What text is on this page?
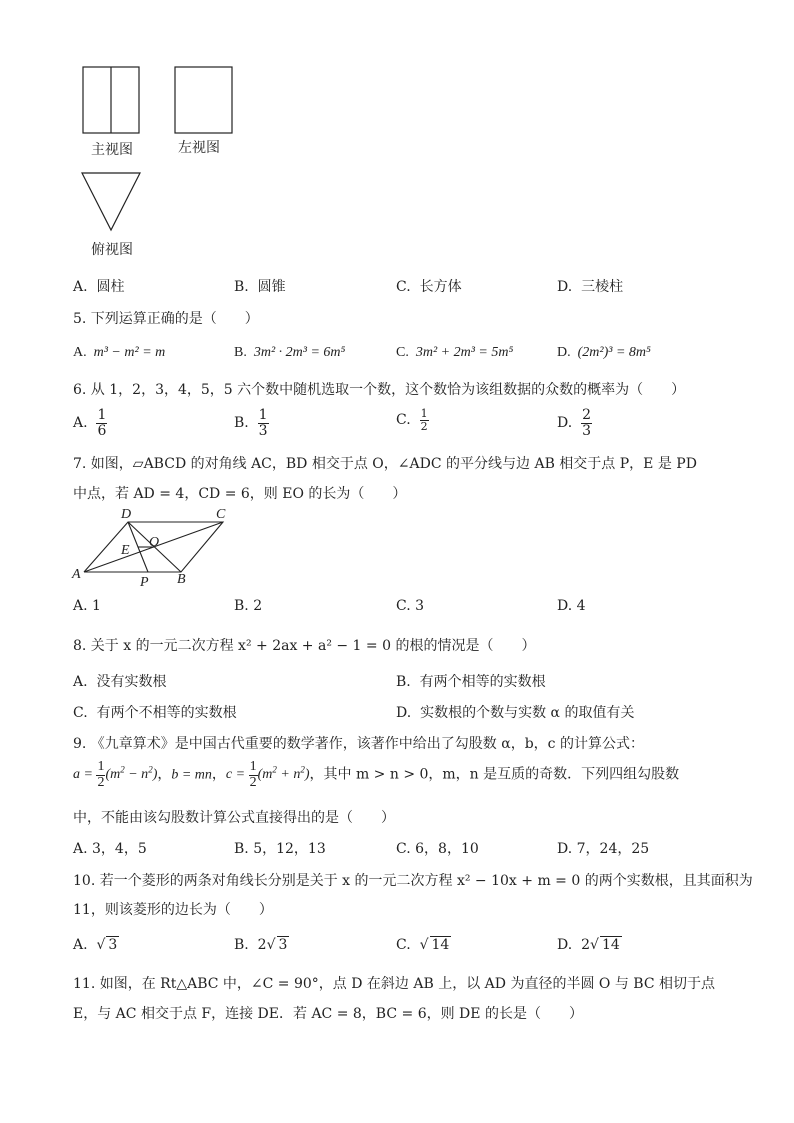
主视图	左视图
俯视图
A. 圆柱	B. 圆锥	C. 长方体	D. 三棱柱
5. 下列运算正确的是（　　）
A. m³ − m² = m	B. 3m² · 2m³ = 6m⁵	C. 3m² + 2m³ = 5m⁵	D. (2m²)³ = 8m⁵
6. 从 1，2，3，4，5，5 六个数中随机选取一个数，这个数恰为该组数据的众数的概率为（　　）
A. $\frac{1}{6}$	B. $\frac{1}{3}$	C. $\frac{1}{2}$	D. $\frac{2}{3}$
7. 如图，▱ABCD 的对角线 AC，BD 相交于点 O，∠ADC 的平分线与边 AB 相交于点 P，E 是 PD
中点，若 AD = 4，CD = 6，则 EO 的长为（　　）
D	C
E
O
A
P B
A. 1	B. 2	C. 3	D. 4
8. 关于 x 的一元二次方程 x² + 2ax + a² − 1 = 0 的根的情况是（　　）
A. 没有实数根	B. 有两个相等的实数根
C. 有两个不相等的实数根	D. 实数根的个数与实数 α 的取值有关
9. 《九章算术》是中国古代重要的数学著作，该著作中给出了勾股数 α，b，c 的计算公式：
$a = \frac{1}{2} (m^2 - n^2)$，b = mn，$c = \frac{1}{2} (m^2 + n^2)$，其中 m > n > 0，m，n 是互质的奇数．下列四组勾股数
中，不能由该勾股数计算公式直接得出的是（　　）
A. 3，4，5	B. 5，12，13	C. 6，8，10	D. 7，24，25
10. 若一个菱形的两条对角线长分别是关于 x 的一元二次方程 x² − 10x + m = 0 的两个实数根，且其面积为
11，则该菱形的边长为（　　）
A. √ 3	B. 2√ 3	C. √ 14	D. 2√ 14
11. 如图，在 Rt△ABC 中，∠C = 90°，点 D 在斜边 AB 上，以 AD 为直径的半圆 O 与 BC 相切于点
E，与 AC 相交于点 F，连接 DE．若 AC = 8，BC = 6，则 DE 的长是（　　）
